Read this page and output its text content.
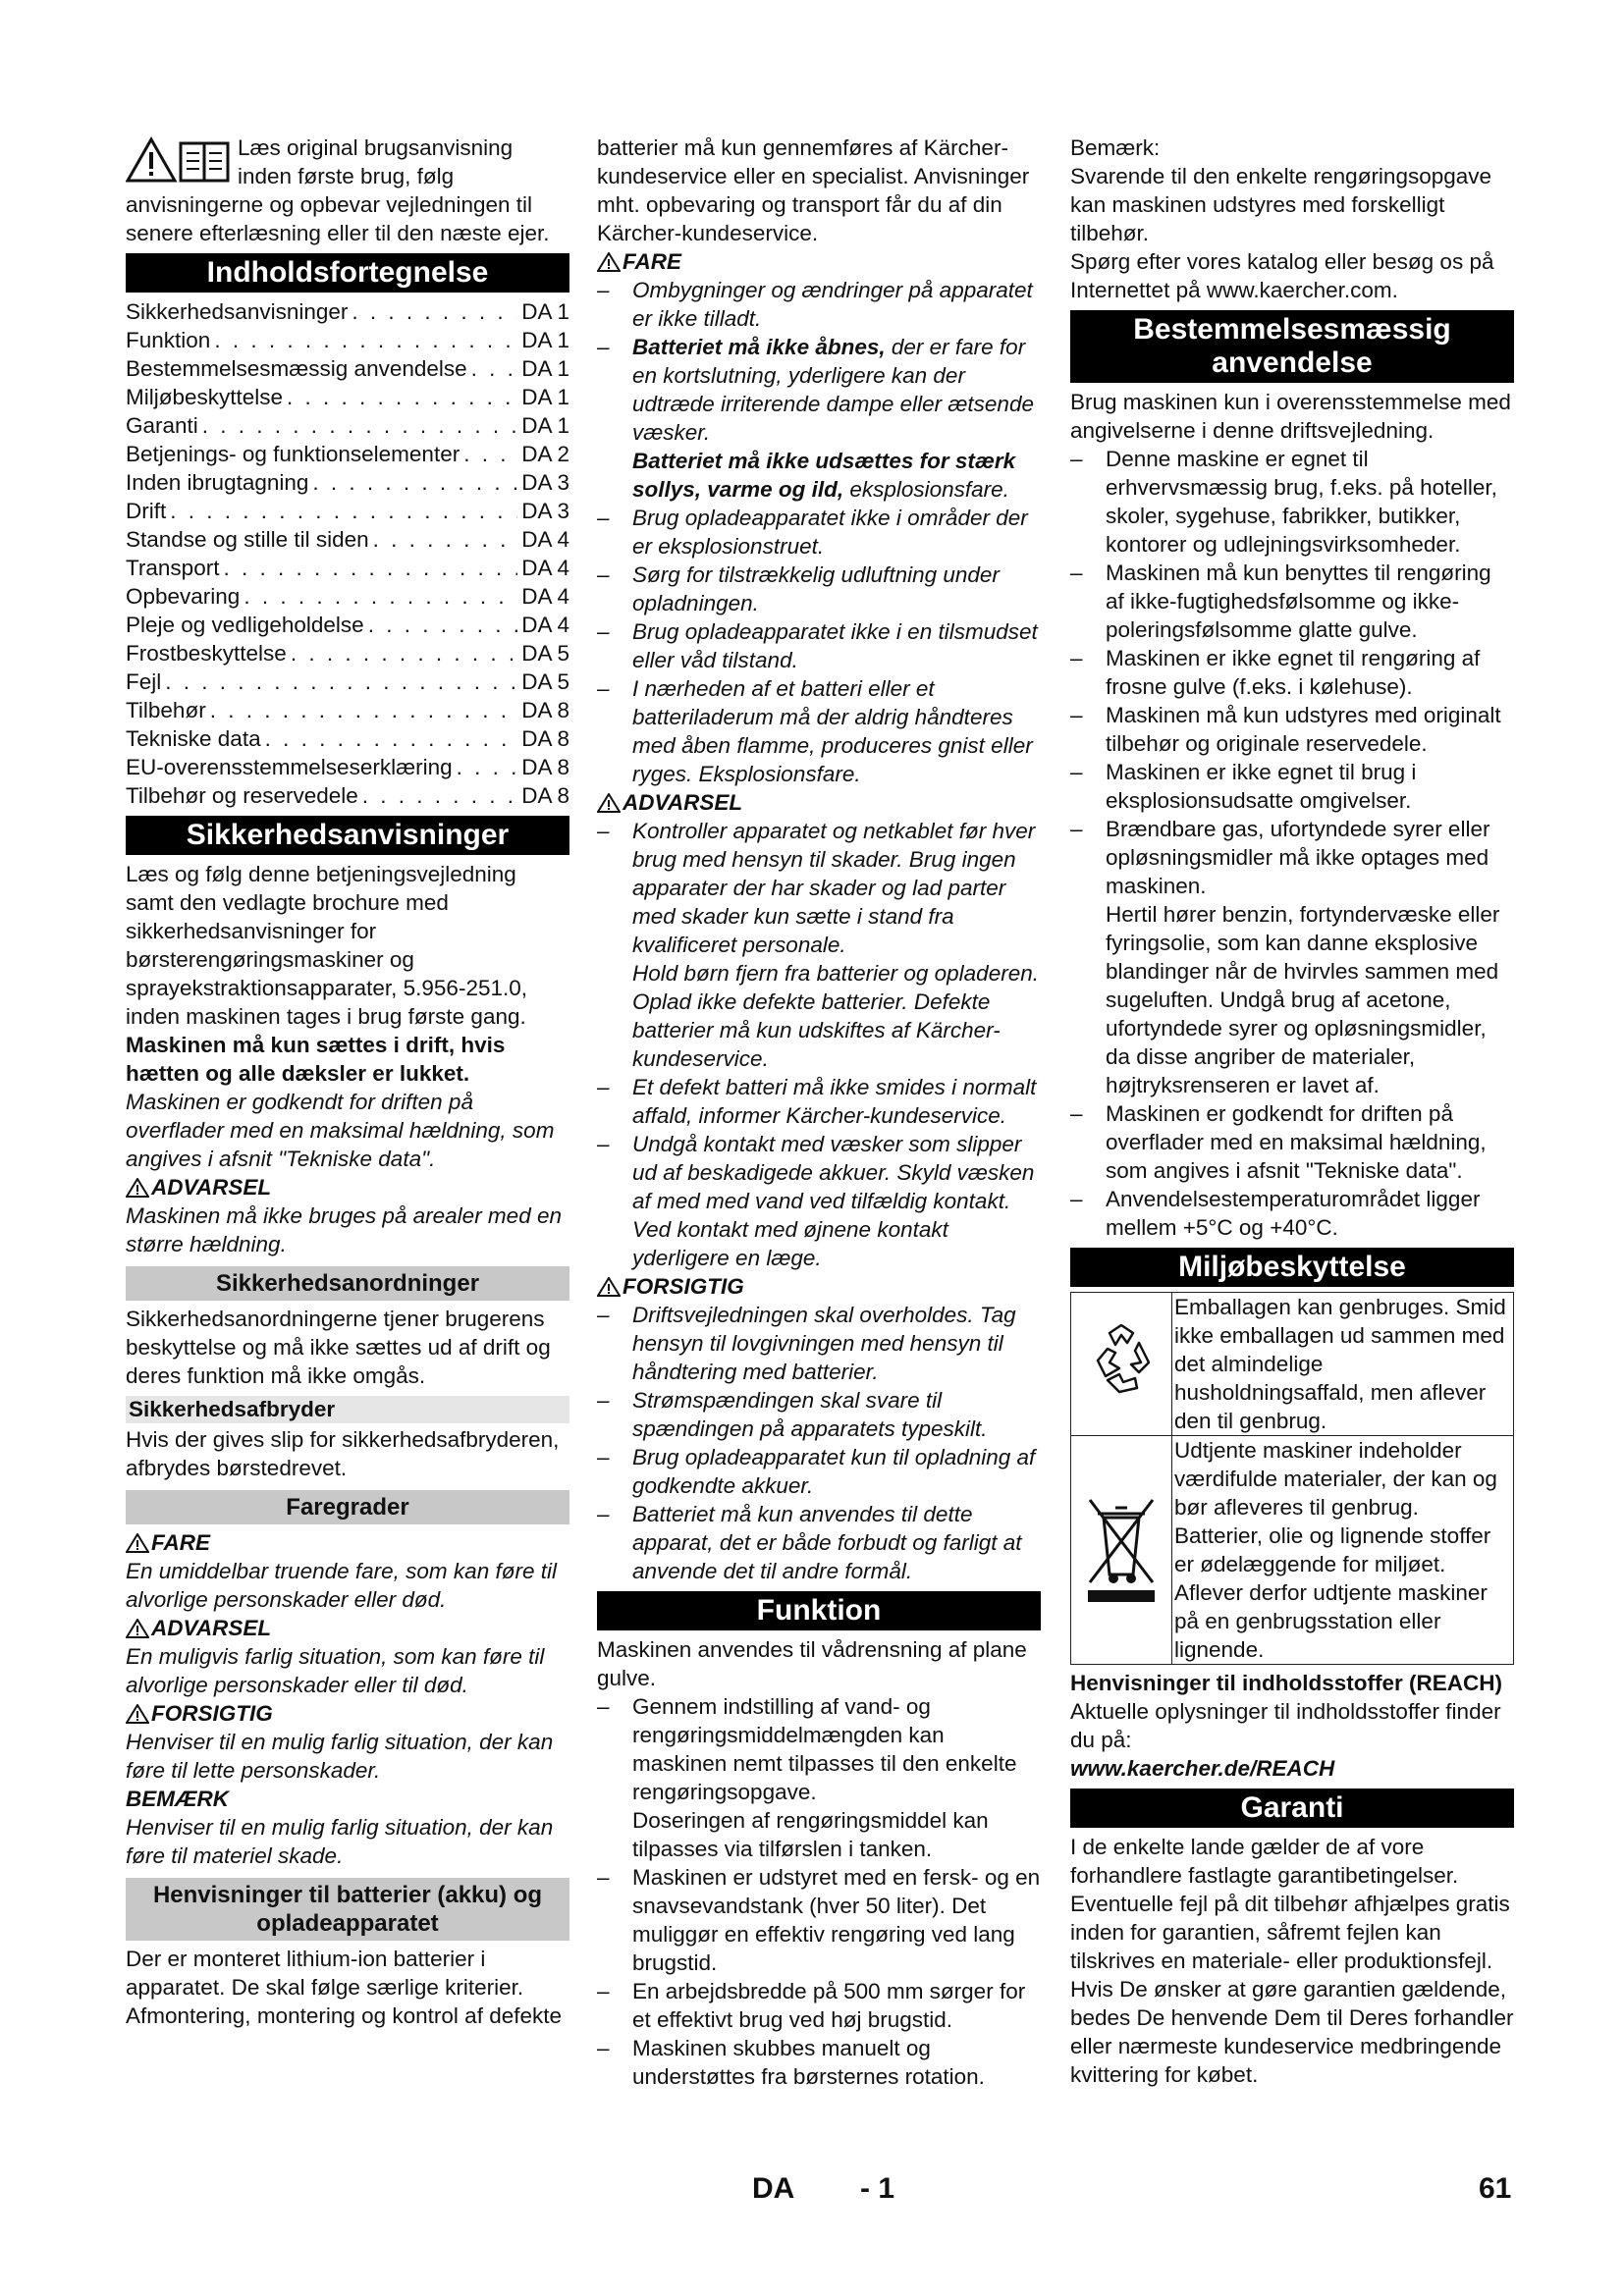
Læs original brugsanvisning inden første brug, følg anvisningerne og opbevar vejledningen til senere efterlæsning eller til den næste ejer.

Indholdsfortegnelse
Sikkerhedsanvisninger . . .	DA 1
Funktion . . .	DA 1
Bestemmelsesmæssig anvendelse . . . DA 1
Miljøbeskyttelse . . .	DA 1
Garanti . . .	DA 1
Betjenings- og funktionselementer . . .	DA 2
Inden ibrugtagning . . .	DA 3
Drift . . .	DA 3
Standse og stille til siden . . .	DA 4
Transport . . .	DA 4
Opbevaring . . .	DA 4
Pleje og vedligeholdelse . . .	DA 4
Frostbeskyttelse . . .	DA 5
Fejl . . .	DA 5
Tilbehør . . .	DA 8
Tekniske data . . .	DA 8
EU-overensstemmelseserklæring . . .	DA 8
Tilbehør og reservedele . . .	DA 8
Sikkerhedsanvisninger

Læs og følg denne betjeningsvejledning samt den vedlagte brochure med sikkerhedsanvisninger for børsterengøringsmaskiner og sprayekstraktionsapparater, 5.956-251.0, inden maskinen tages i brug første gang.

Maskinen må kun sættes i drift, hvis hætten og alle dæksler er lukket.

Maskinen er godkendt for driften på overflader med en maksimal hældning, som angives i afsnit "Tekniske data".

ADVARSEL

Maskinen må ikke bruges på arealer med en større hældning.

Sikkerhedsanordninger

Sikkerhedsanordningerne tjener brugerens beskyttelse og må ikke sættes ud af drift og deres funktion må ikke omgås.

Sikkerhedsafbryder

Hvis der gives slip for sikkerhedsafbryderen, afbrydes børstedrevet.

Faregrader
FARE

En umiddelbar truende fare, som kan føre til alvorlige personskader eller død.

ADVARSEL

En muligvis farlig situation, som kan føre til alvorlige personskader eller til død.

FORSIGTIG

Henviser til en mulig farlig situation, der kan føre til lette personskader.

BEMÆRK

Henviser til en mulig farlig situation, der kan føre til materiel skade.

Henvisninger til batterier (akku) og opladeapparatet

Der er monteret lithium-ion batterier i apparatet. De skal følge særlige kriterier. Afmontering, montering og kontrol af defekte

batterier må kun gennemføres af Kärcher-kundeservice eller en specialist. Anvisninger mht. opbevaring og transport får du af din Kärcher-kundeservice.

FARE
– Ombygninger og ændringer på apparatet er ikke tilladt.
– Batteriet må ikke åbnes, der er fare for en kortslutning, yderligere kan der udtræde irriterende dampe eller ætsende væsker.
Batteriet må ikke udsættes for stærk sollys, varme og ild, eksplosionsfare.
– Brug opladeapparatet ikke i områder der er eksplosionstruet.
– Sørg for tilstrækkelig udluftning under opladningen.
– Brug opladeapparatet ikke i en tilsmudset eller våd tilstand.
– I nærheden af et batteri eller et batteriladerum må der aldrig håndteres med åben flamme, produceres gnist eller ryges. Eksplosionsfare.
ADVARSEL
– Kontroller apparatet og netkablet før hver brug med hensyn til skader. Brug ingen apparater der har skader og lad parter med skader kun sætte i stand fra kvalificeret personale.
Hold børn fjern fra batterier og opladeren.
Oplad ikke defekte batterier. Defekte batterier må kun udskiftes af Kärcher-kundeservice.
– Et defekt batteri må ikke smides i normalt affald, informer Kärcher-kundeservice.
– Undgå kontakt med væsker som slipper ud af beskadigede akkuer. Skyld væsken af med med vand ved tilfældig kontakt. Ved kontakt med øjnene kontakt yderligere en læge.
FORSIGTIG
– Driftsvejledningen skal overholdes. Tag hensyn til lovgivningen med hensyn til håndtering med batterier.
– Strømspændingen skal svare til spændingen på apparatets typeskilt.
– Brug opladeapparatet kun til opladning af godkendte akkuer.
– Batteriet må kun anvendes til dette apparat, det er både forbudt og farligt at anvende det til andre formål.
Funktion

Maskinen anvendes til vådrensning af plane gulve.

– Gennem indstilling af vand- og rengøringsmiddelmængden kan maskinen nemt tilpasses til den enkelte rengøringsopgave.
Doseringen af rengøringsmiddel kan tilpasses via tilførslen i tanken.
– Maskinen er udstyret med en fersk- og en snavsevandstank (hver 50 liter). Det muliggør en effektiv rengøring ved lang brugstid.
– En arbejdsbredde på 500 mm sørger for et effektivt brug ved høj brugstid.
– Maskinen skubbes manuelt og understøttes fra børsternes rotation.

Bemærk:

Svarende til den enkelte rengøringsopgave kan maskinen udstyres med forskelligt tilbehør.

Spørg efter vores katalog eller besøg os på Internettet på www.kaercher.com.

Bestemmelsesmæssig anvendelse

Brug maskinen kun i overensstemmelse med angivelserne i denne driftsvejledning.

– Denne maskine er egnet til erhvervsmæssig brug, f.eks. på hoteller, skoler, sygehuse, fabrikker, butikker, kontorer og udlejningsvirksomheder.
– Maskinen må kun benyttes til rengøring af ikke-fugtighedsfølsomme og ikke-poleringsfølsomme glatte gulve.
– Maskinen er ikke egnet til rengøring af frosne gulve (f.eks. i kølehuse).
– Maskinen må kun udstyres med originalt tilbehør og originale reservedele.
– Maskinen er ikke egnet til brug i eksplosionsudsatte omgivelser.
– Brændbare gas, ufortyndede syrer eller opløsningsmidler må ikke optages med maskinen.
Hertil hører benzin, fortyndervæske eller fyringsolie, som kan danne eksplosive blandinger når de hvirvles sammen med sugeluften. Undgå brug af acetone, ufortyndede syrer og opløsningsmidler, da disse angriber de materialer, højtryksrenseren er lavet af.
– Maskinen er godkendt for driften på overflader med en maksimal hældning, som angives i afsnit "Tekniske data".
– Anvendelsestemperaturområdet ligger mellem +5°C og +40°C.
Miljøbeskyttelse
	Emballagen kan genbruges. Smid ikke emballagen ud sammen med det almindelige husholdningsaffald, men aflever den til genbrug.
	Udtjente maskiner indeholder værdifulde materialer, der kan og bør afleveres til genbrug. Batterier, olie og lignende stoffer er ødelæggende for miljøet. Aflever derfor udtjente maskiner på en genbrugsstation eller lignende.

Henvisninger til indholdsstoffer (REACH)

Aktuelle oplysninger til indholdsstoffer finder du på:

www.kaercher.de/REACH

Garanti

I de enkelte lande gælder de af vore forhandlere fastlagte garantibetingelser. Eventuelle fejl på dit tilbehør afhjælpes gratis inden for garantien, såfremt fejlen kan tilskrives en materiale- eller produktionsfejl. Hvis De ønsker at gøre garantien gældende, bedes De henvende Dem til Deres forhandler eller nærmeste kundeservice medbringende kvittering for købet.

DA - 1	61
